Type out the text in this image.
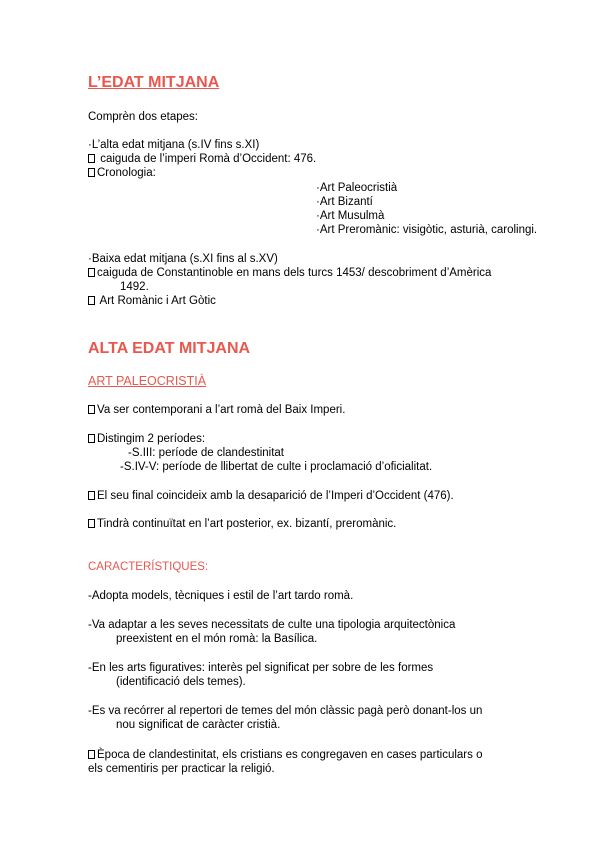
L’EDAT MITJANA
Comprèn dos etapes:
·L’alta edat mitjana (s.IV fins s.XI)
caiguda de l’imperi Romà d’Occident: 476.
Cronologia:
·Art Paleocristià
·Art Bizantí
·Art Musulmà
·Art Preromànic: visigòtic, asturià, carolingi.
·Baixa edat mitjana (s.XI fins al s.XV)
caiguda de Constantinoble en mans dels turcs 1453/ descobriment d’Amèrica
1492.
Art Romànic i Art Gòtic
ALTA EDAT MITJANA
ART PALEOCRISTIÀ
Va ser contemporani a l’art romà del Baix Imperi.
Distingim 2 períodes:
-S.III: període de clandestinitat
-S.IV-V: període de llibertat de culte i proclamació d’oficialitat.
El seu final coincideix amb la desaparició de l’Imperi d’Occident (476).
Tindrà continuïtat en l’art posterior, ex. bizantí, preromànic.
CARACTERÍSTIQUES:
-Adopta models, tècniques i estil de l’art tardo romà.
-Va adaptar a les seves necessitats de culte una tipologia arquitectònica
preexistent en el món romà: la Basílica.
-En les arts figuratives: interès pel significat per sobre de les formes
(identificació dels temes).
-Es va recórrer al repertori de temes del món clàssic pagà però donant-los un
nou significat de caràcter cristià.
Època de clandestinitat, els cristians es congregaven en cases particulars o
els cementiris per practicar la religió.
